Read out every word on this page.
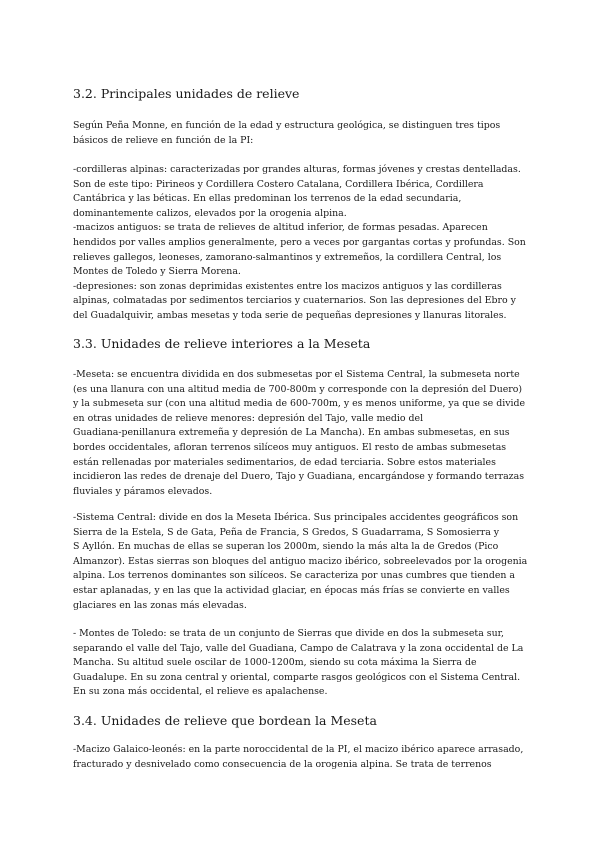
3.2. Principales unidades de relieve

Según Peña Monne, en función de la edad y estructura geológica, se distinguen tres tipos
básicos de relieve en función de la PI:

-cordilleras alpinas: caracterizadas por grandes alturas, formas jóvenes y crestas dentelladas.
Son de este tipo: Pirineos y Cordillera Costero Catalana, Cordillera Ibérica, Cordillera
Cantábrica y las béticas. En ellas predominan los terrenos de la edad secundaria,
dominantemente calizos, elevados por la orogenia alpina.
-macizos antiguos: se trata de relieves de altitud inferior, de formas pesadas. Aparecen
hendidos por valles amplios generalmente, pero a veces por gargantas cortas y profundas. Son
relieves gallegos, leoneses, zamorano-salmantinos y extremeños, la cordillera Central, los
Montes de Toledo y Sierra Morena.
-depresiones: son zonas deprimidas existentes entre los macizos antiguos y las cordilleras
alpinas, colmatadas por sedimentos terciarios y cuaternarios. Son las depresiones del Ebro y
del Guadalquivir, ambas mesetas y toda serie de pequeñas depresiones y llanuras litorales.

3.3. Unidades de relieve interiores a la Meseta

-Meseta: se encuentra dividida en dos submesetas por el Sistema Central, la submeseta norte
(es una llanura con una altitud media de 700-800m y corresponde con la depresión del Duero)
y la submeseta sur (con una altitud media de 600-700m, y es menos uniforme, ya que se divide
en otras unidades de relieve menores: depresión del Tajo, valle medio del
Guadiana-penillanura extremeña y depresión de La Mancha). En ambas submesetas, en sus
bordes occidentales, afloran terrenos silíceos muy antiguos. El resto de ambas submesetas
están rellenadas por materiales sedimentarios, de edad terciaria. Sobre estos materiales
incidieron las redes de drenaje del Duero, Tajo y Guadiana, encargándose y formando terrazas
fluviales y páramos elevados.

-Sistema Central: divide en dos la Meseta Ibérica. Sus principales accidentes geográficos son
Sierra de la Estela, S de Gata, Peña de Francia, S Gredos, S Guadarrama, S Somosierra y
S Ayllón. En muchas de ellas se superan los 2000m, siendo la más alta la de Gredos (Pico
Almanzor). Estas sierras son bloques del antiguo macizo ibérico, sobreelevados por la orogenia
alpina. Los terrenos dominantes son silíceos. Se caracteriza por unas cumbres que tienden a
estar aplanadas, y en las que la actividad glaciar, en épocas más frías se convierte en valles
glaciares en las zonas más elevadas.

- Montes de Toledo: se trata de un conjunto de Sierras que divide en dos la submeseta sur,
separando el valle del Tajo, valle del Guadiana, Campo de Calatrava y la zona occidental de La
Mancha. Su altitud suele oscilar de 1000-1200m, siendo su cota máxima la Sierra de
Guadalupe. En su zona central y oriental, comparte rasgos geológicos con el Sistema Central.
En su zona más occidental, el relieve es apalachense.

3.4. Unidades de relieve que bordean la Meseta

-Macizo Galaico-leonés: en la parte noroccidental de la PI, el macizo ibérico aparece arrasado,
fracturado y desnivelado como consecuencia de la orogenia alpina. Se trata de terrenos
